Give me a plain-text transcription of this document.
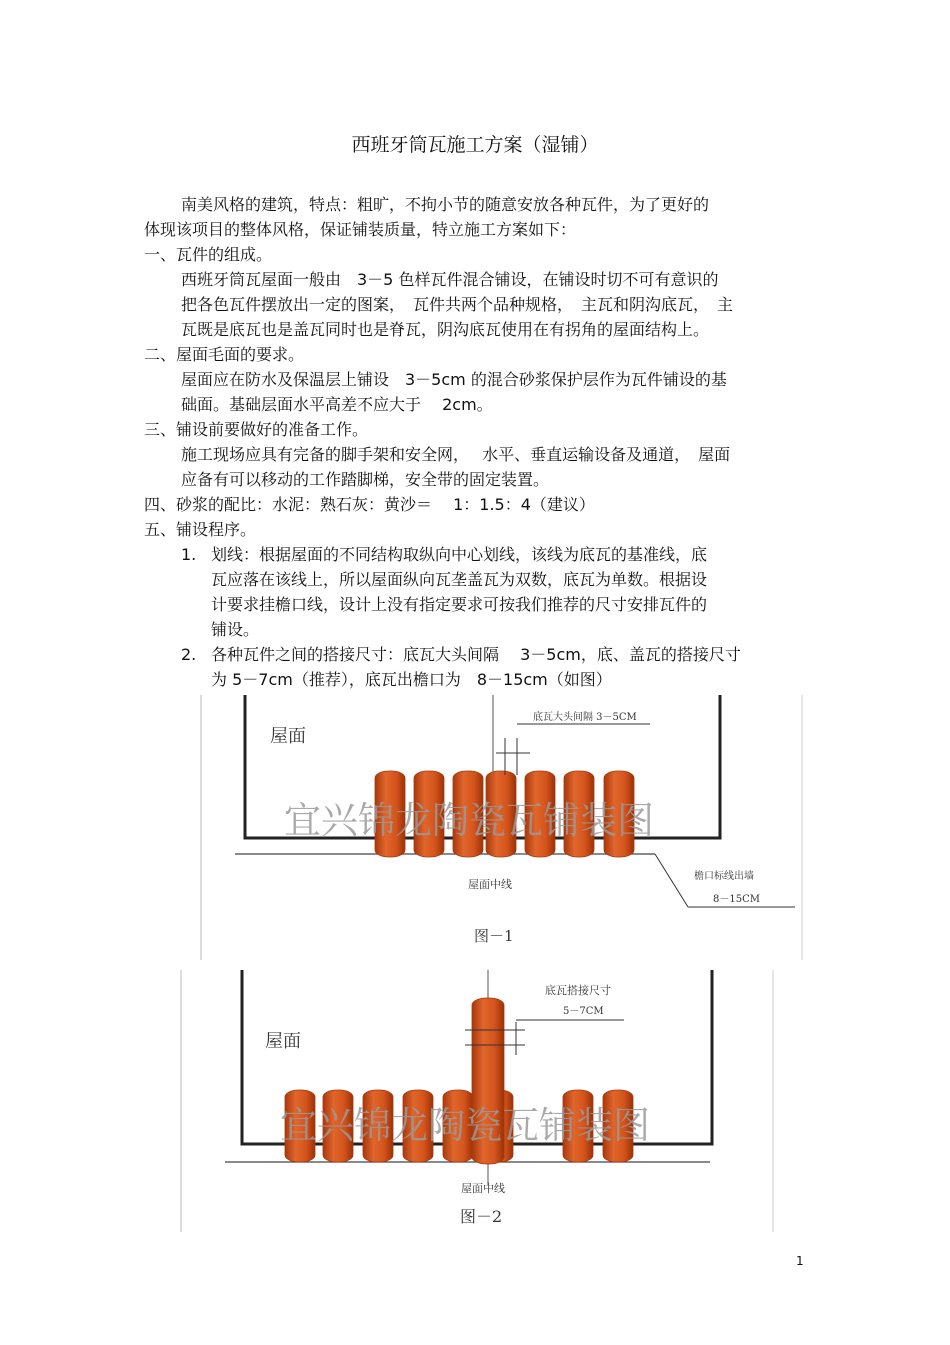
西班牙筒瓦施工方案（湿铺）

南美风格的建筑，特点：粗旷，不拘小节的随意安放各种瓦件，为了更好的

体现该项目的整体风格，保证铺装质量，特立施工方案如下：

一、瓦件的组成。

西班牙筒瓦屋面一般由　3－5 色样瓦件混合铺设，在铺设时切不可有意识的

把各色瓦件摆放出一定的图案，　瓦件共两个品种规格，　主瓦和阴沟底瓦，　主

瓦既是底瓦也是盖瓦同时也是脊瓦，阴沟底瓦使用在有拐角的屋面结构上。

二、屋面毛面的要求。

屋面应在防水及保温层上铺设　3－5cm 的混合砂浆保护层作为瓦件铺设的基

础面。基础层面水平高差不应大于　 2cm。

三、铺设前要做好的准备工作。

施工现场应具有完备的脚手架和安全网，　 水平、垂直运输设备及通道，　屋面

应备有可以移动的工作踏脚梯，安全带的固定装置。

四、砂浆的配比：水泥：熟石灰：黄沙＝　 1：1.5：4（建议）

五、铺设程序。

1. 划线：根据屋面的不同结构取纵向中心划线，该线为底瓦的基准线，底

瓦应落在该线上，所以屋面纵向瓦垄盖瓦为双数，底瓦为单数。根据设

计要求挂檐口线，设计上没有指定要求可按我们推荐的尺寸安排瓦件的

铺设。

2. 各种瓦件之间的搭接尺寸：底瓦大头间隔　 3－5cm，底、盖瓦的搭接尺寸

为 5－7cm（推荐），底瓦出檐口为　8－15cm（如图）

屋面
底瓦大头间隔 3－5CM
宜兴锦龙陶瓷瓦铺装图
屋面中线
檐口标线出墙
8－15CM
图－1
屋面
底瓦搭接尺寸
5－7CM
宜兴锦龙陶瓷瓦铺装图
屋面中线
图－2
1
